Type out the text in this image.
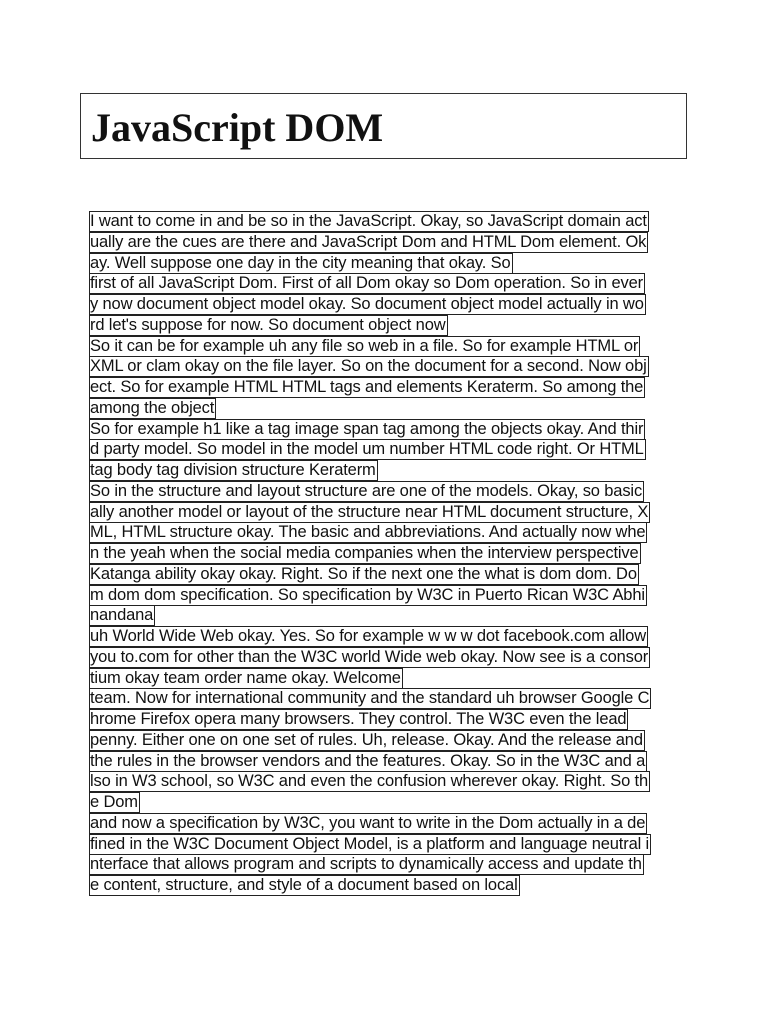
JavaScript DOM
I want to come in and be so in the JavaScript. Okay, so JavaScript domain act
ually are the cues are there and JavaScript Dom and HTML Dom element. Ok
ay. Well suppose one day in the city meaning that okay. So
first of all JavaScript Dom. First of all Dom okay so Dom operation. So in ever
y now document object model okay. So document object model actually in wo
rd let's suppose for now. So document object now
So it can be for example uh any file so web in a file. So for example HTML or
XML or clam okay on the file layer. So on the document for a second. Now obj
ect. So for example HTML HTML tags and elements Keraterm. So among the
among the object
So for example h1 like a tag image span tag among the objects okay. And thir
d party model. So model in the model um number HTML code right. Or HTML
tag body tag division structure Keraterm
So in the structure and layout structure are one of the models. Okay, so basic
ally another model or layout of the structure near HTML document structure, X
ML, HTML structure okay. The basic and abbreviations. And actually now whe
n the yeah when the social media companies when the interview perspective
Katanga ability okay okay. Right. So if the next one the what is dom dom. Do
m dom dom specification. So specification by W3C in Puerto Rican W3C Abhi
nandana
uh World Wide Web okay. Yes. So for example w w w dot facebook.com allow
you to.com for other than the W3C world Wide web okay. Now see is a consor
tium okay team order name okay. Welcome
team. Now for international community and the standard uh browser Google C
hrome Firefox opera many browsers. They control. The W3C even the lead
penny. Either one on one set of rules. Uh, release. Okay. And the release and
the rules in the browser vendors and the features. Okay. So in the W3C and a
lso in W3 school, so W3C and even the confusion wherever okay. Right. So th
e Dom
and now a specification by W3C, you want to write in the Dom actually in a de
fined in the W3C Document Object Model, is a platform and language neutral i
nterface that allows program and scripts to dynamically access and update th
e content, structure, and style of a document based on local
